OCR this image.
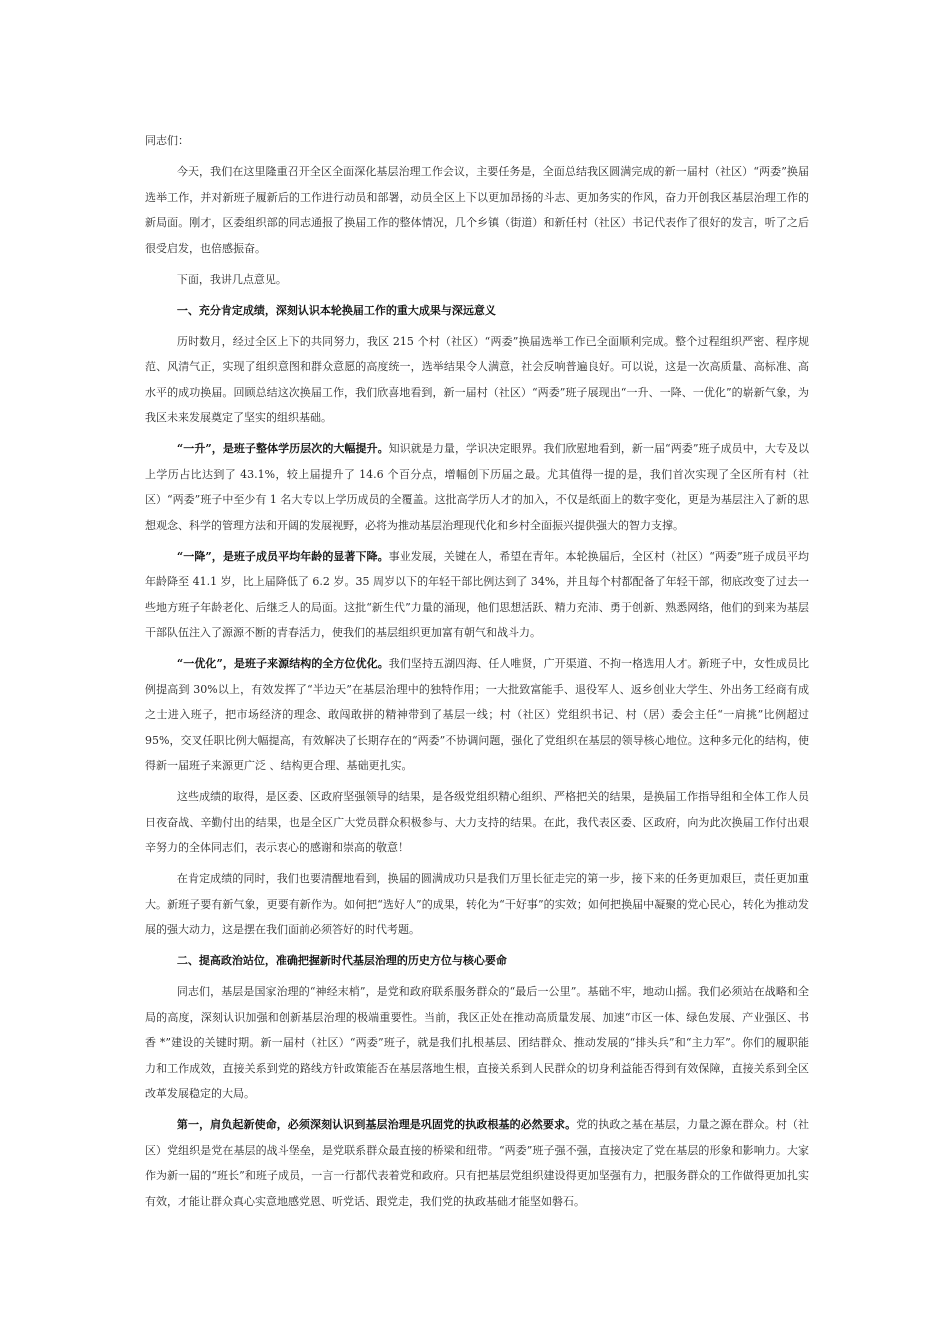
同志们：

今天，我们在这里隆重召开全区全面深化基层治理工作会议，主要任务是，全面总结我区圆满完成的新一届村（社区）“两委”换届选举工作，并对新班子履新后的工作进行动员和部署，动员全区上下以更加昂扬的斗志、更加务实的作风，奋力开创我区基层治理工作的新局面。刚才，区委组织部的同志通报了换届工作的整体情况，几个乡镇（街道）和新任村（社区）书记代表作了很好的发言，听了之后很受启发，也倍感振奋。

下面，我讲几点意见。

一、充分肯定成绩，深刻认识本轮换届工作的重大成果与深远意义

历时数月，经过全区上下的共同努力，我区 215 个村（社区）“两委”换届选举工作已全面顺利完成。整个过程组织严密、程序规范、风清气正，实现了组织意图和群众意愿的高度统一，选举结果令人满意，社会反响普遍良好。可以说，这是一次高质量、高标准、高水平的成功换届。回顾总结这次换届工作，我们欣喜地看到，新一届村（社区）“两委”班子展现出“一升、一降、一优化”的崭新气象，为我区未来发展奠定了坚实的组织基础。

“一升”，是班子整体学历层次的大幅提升。知识就是力量，学识决定眼界。我们欣慰地看到，新一届“两委”班子成员中，大专及以上学历占比达到了 43.1%，较上届提升了 14.6 个百分点，增幅创下历届之最。尤其值得一提的是，我们首次实现了全区所有村（社区）“两委”班子中至少有 1 名大专以上学历成员的全覆盖。这批高学历人才的加入，不仅是纸面上的数字变化，更是为基层注入了新的思想观念、科学的管理方法和开阔的发展视野，必将为推动基层治理现代化和乡村全面振兴提供强大的智力支撑。

“一降”，是班子成员平均年龄的显著下降。事业发展，关键在人，希望在青年。本轮换届后，全区村（社区）“两委”班子成员平均年龄降至 41.1 岁，比上届降低了 6.2 岁。35 周岁以下的年轻干部比例达到了 34%，并且每个村都配备了年轻干部，彻底改变了过去一些地方班子年龄老化、后继乏人的局面。这批“新生代”力量的涌现，他们思想活跃、精力充沛、勇于创新、熟悉网络，他们的到来为基层干部队伍注入了源源不断的青春活力，使我们的基层组织更加富有朝气和战斗力。

“一优化”，是班子来源结构的全方位优化。我们坚持五湖四海、任人唯贤，广开渠道、不拘一格选用人才。新班子中，女性成员比例提高到 30%以上，有效发挥了“半边天”在基层治理中的独特作用；一大批致富能手、退役军人、返乡创业大学生、外出务工经商有成之士进入班子，把市场经济的理念、敢闯敢拼的精神带到了基层一线；村（社区）党组织书记、村（居）委会主任“一肩挑”比例超过 95%，交叉任职比例大幅提高，有效解决了长期存在的“两委”不协调问题，强化了党组织在基层的领导核心地位。这种多元化的结构，使得新一届班子来源更广泛 、结构更合理、基础更扎实。

这些成绩的取得，是区委、区政府坚强领导的结果，是各级党组织精心组织、严格把关的结果，是换届工作指导组和全体工作人员日夜奋战、辛勤付出的结果，也是全区广大党员群众积极参与、大力支持的结果。在此，我代表区委、区政府，向为此次换届工作付出艰辛努力的全体同志们，表示衷心的感谢和崇高的敬意！

在肯定成绩的同时，我们也要清醒地看到，换届的圆满成功只是我们万里长征走完的第一步，接下来的任务更加艰巨，责任更加重大。新班子要有新气象，更要有新作为。如何把“选好人”的成果，转化为“干好事”的实效；如何把换届中凝聚的党心民心，转化为推动发展的强大动力，这是摆在我们面前必须答好的时代考题。

二、提高政治站位，准确把握新时代基层治理的历史方位与核心要命

同志们，基层是国家治理的“神经末梢”，是党和政府联系服务群众的“最后一公里”。基础不牢，地动山摇。我们必须站在战略和全局的高度，深刻认识加强和创新基层治理的极端重要性。当前，我区正处在推动高质量发展、加速“市区一体、绿色发展、产业强区、书香 *”建设的关键时期。新一届村（社区）“两委”班子，就是我们扎根基层、团结群众、推动发展的“排头兵”和“主力军”。你们的履职能力和工作成效，直接关系到党的路线方针政策能否在基层落地生根，直接关系到人民群众的切身利益能否得到有效保障，直接关系到全区改革发展稳定的大局。

第一，肩负起新使命，必须深刻认识到基层治理是巩固党的执政根基的必然要求。党的执政之基在基层，力量之源在群众。村（社区）党组织是党在基层的战斗堡垒，是党联系群众最直接的桥梁和纽带。“两委”班子强不强，直接决定了党在基层的形象和影响力。大家作为新一届的“班长”和班子成员，一言一行都代表着党和政府。只有把基层党组织建设得更加坚强有力，把服务群众的工作做得更加扎实有效，才能让群众真心实意地感党恩、听党话、跟党走，我们党的执政基础才能坚如磐石。
